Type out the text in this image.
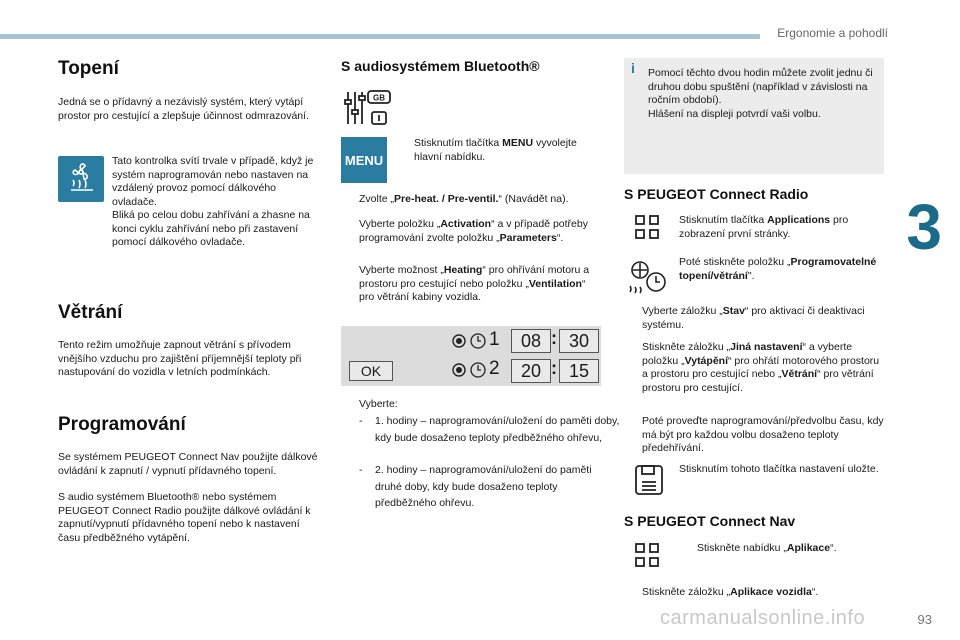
Ergonomie a pohodlí
3
93
Topení
Jedná se o přídavný a nezávislý systém, který vytápí prostor pro cestující a zlepšuje účinnost odmrazování.
Tato kontrolka svítí trvale v případě, když je systém naprogramován nebo nastaven na vzdálený provoz pomocí dálkového ovladače.
Bliká po celou dobu zahřívání a zhasne na konci cyklu zahřívání nebo při zastavení pomocí dálkového ovladače.
Větrání
Tento režim umožňuje zapnout větrání s přívodem vnějšího vzduchu pro zajištění příjemnější teploty při nastupování do vozidla v letních podmínkách.
Programování
Se systémem PEUGEOT Connect Nav použijte dálkové ovládání k zapnutí / vypnutí přídavného topení.
S audio systémem Bluetooth® nebo systémem PEUGEOT Connect Radio použijte dálkové ovládání k zapnutí/vypnutí přídavného topení nebo k nastavení času předběžného vytápění.
S audiosystémem Bluetooth®
GB
MENU
Stisknutím tlačítka MENU vyvolejte hlavní nabídku.
Zvolte „Pre-heat. / Pre-ventil.“ (Navádět na).
Vyberte položku „Activation“ a v případě potřeby programování zvolte položku „Parameters“.
Vyberte možnost „Heating“ pro ohřívání motoru a prostoru pro cestující nebo položku „Ventilation“ pro větrání kabiny vozidla.
OK
1	08 : 30
2	20 : 15
Vyberte:
-	1. hodiny – naprogramování/uložení do paměti doby, kdy bude dosaženo teploty předběžného ohřevu,
-	2. hodiny – naprogramování/uložení do paměti druhé doby, kdy bude dosaženo teploty předběžného ohřevu.
i Pomocí těchto dvou hodin můžete zvolit jednu či druhou dobu spuštění (například v závislosti na ročním období).
Hlášení na displeji potvrdí vaši volbu.
S PEUGEOT Connect Radio
Stisknutím tlačítka Applications pro zobrazení první stránky.
Poté stiskněte položku „Programovatelné topení/větrání".
Vyberte záložku „Stav“ pro aktivaci či deaktivaci systému.
Stiskněte záložku „Jiná nastavení“ a vyberte položku „Vytápění“ pro ohřátí motorového prostoru a prostoru pro cestující nebo „Větrání“ pro větrání prostoru pro cestující.
Poté proveďte naprogramování/předvolbu času, kdy má být pro každou volbu dosaženo teploty předehřívání.
Stisknutím tohoto tlačítka nastavení uložte.
S PEUGEOT Connect Nav
Stiskněte nabídku „Aplikace“.
Stiskněte záložku „Aplikace vozidla“.
carmanualsonline.info
